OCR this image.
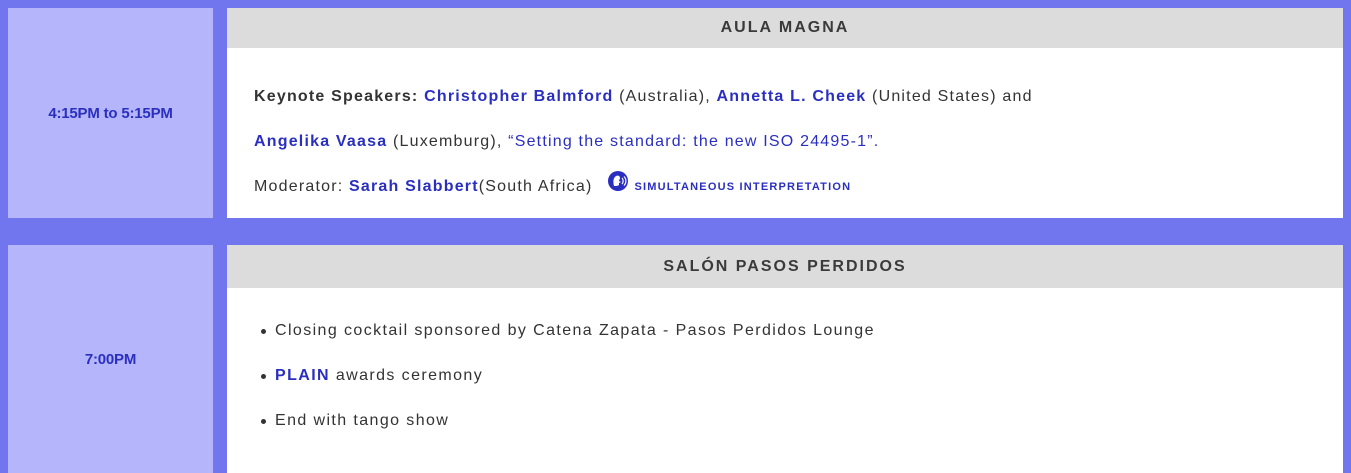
4:15PM to 5:15PM
AULA MAGNA
Keynote Speakers: Christopher Balmford (Australia), Annetta L. Cheek (United States) and
Angelika Vaasa (Luxemburg), “Setting the standard: the new ISO 24495-1”.
Moderator:
Sarah Slabbert (South Africa)	SIMULTANEOUS INTERPRETATION
7:00PM
SALÓN PASOS PERDIDOS
Closing cocktail sponsored by Catena Zapata - Pasos Perdidos Lounge
PLAIN awards ceremony
End with tango show
